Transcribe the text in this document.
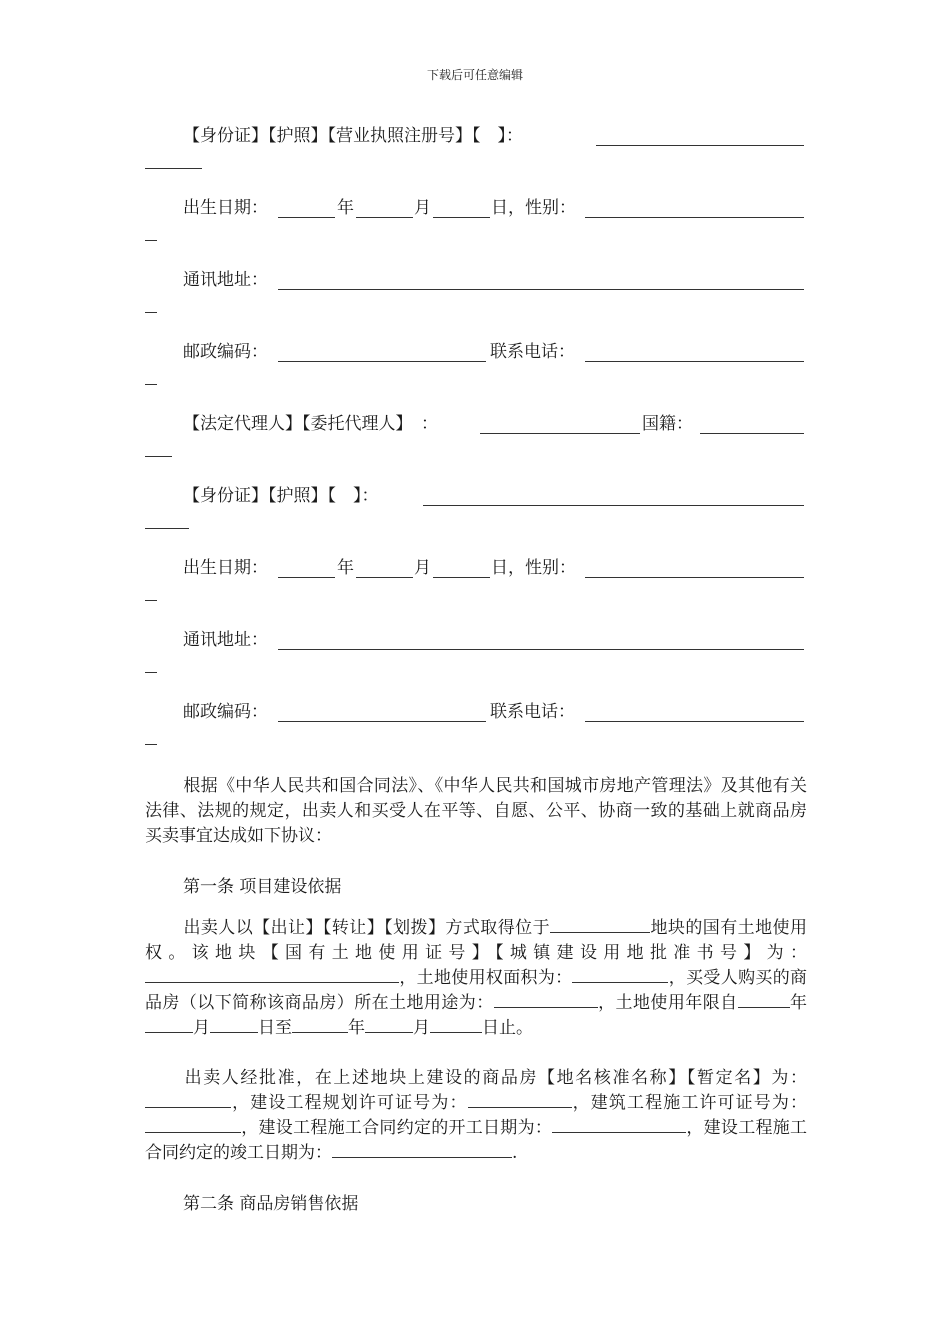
下载后可任意编辑
【身份证】【护照】【营业执照注册号】【　】：
出生日期：	年	月	日，性别：
通讯地址：
邮政编码：	联系电话：
【法定代理人】【委托代理人】　：	国籍：
【身份证】【护照】【　】：
出生日期：	年	月	日，性别：
通讯地址：
邮政编码：	联系电话：
根据《中华人民共和国合同法》、《中华人民共和国城市房地产管理法》及其他有关法律、法规的规定，出卖人和买受人在平等、自愿、公平、协商一致的基础上就商品房买卖事宜达成如下协议：
第一条 项目建设依据
出卖人以【出让】【转让】【划拨】方式取得位于	地块的国有土地使用权。该地块【国有土地使用证号】【城镇建设用地批准书号】为：，土地使用权面积为：	，买受人购买的商品房（以下简称该商品房）所在土地用途为：	，土地使用年限自	年月	日至	年	月	日止。
出卖人经批准，在上述地块上建设的商品房【地名核准名称】【暂定名】为：，建设工程规划许可证号为：	，建筑工程施工许可证号为：，建设工程施工合同约定的开工日期为：	，建设工程施工合同约定的竣工日期为：	.
第二条 商品房销售依据
